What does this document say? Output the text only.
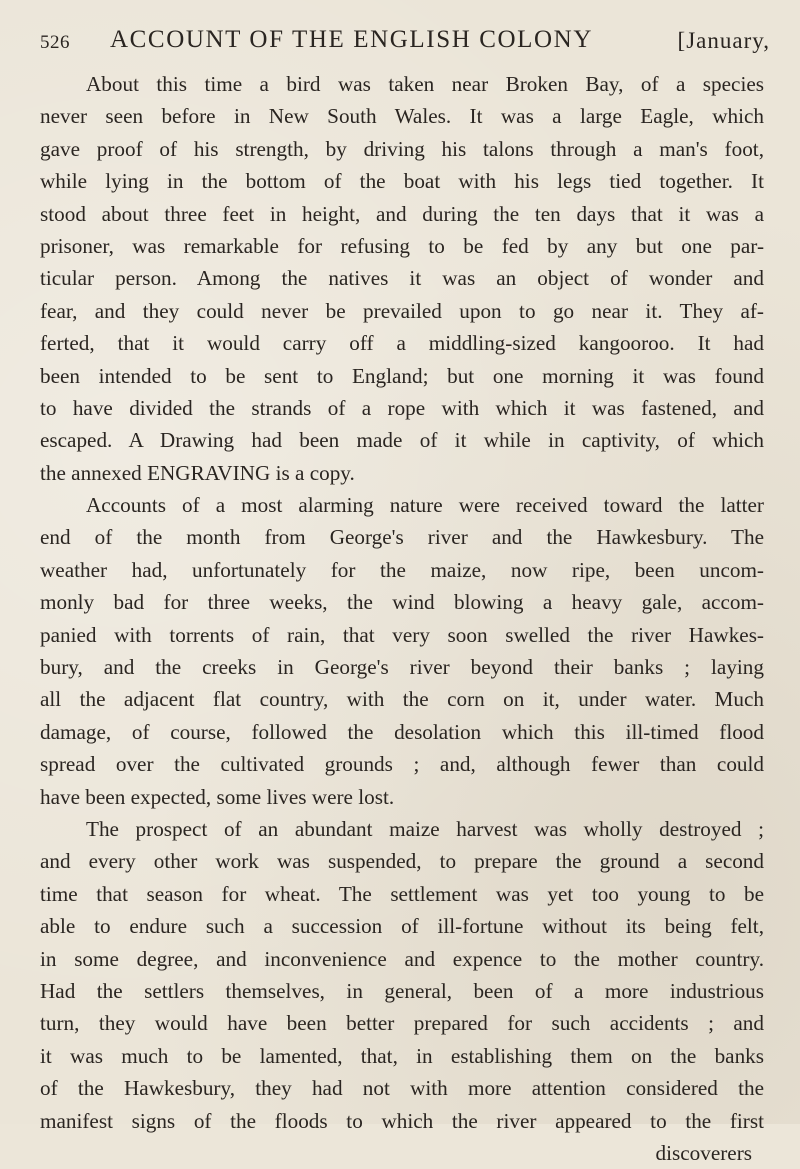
526 ACCOUNT OF THE ENGLISH COLONY	[January,
About this time a bird was taken near Broken Bay, of a species
never seen before in New South Wales. It was a large Eagle, which
gave proof of his strength, by driving his talons through a man's foot,
while lying in the bottom of the boat with his legs tied together. It
stood about three feet in height, and during the ten days that it was a
prisoner, was remarkable for refusing to be fed by any but one par-
ticular person. Among the natives it was an object of wonder and
fear, and they could never be prevailed upon to go near it. They af-
ferted, that it would carry off a middling-sized kangooroo. It had
been intended to be sent to England; but one morning it was found
to have divided the strands of a rope with which it was fastened, and
escaped. A Drawing had been made of it while in captivity, of which
the annexed ENGRAVING is a copy.
Accounts of a most alarming nature were received toward the latter
end of the month from George's river and the Hawkesbury. The
weather had, unfortunately for the maize, now ripe, been uncom-
monly bad for three weeks, the wind blowing a heavy gale, accom-
panied with torrents of rain, that very soon swelled the river Hawkes-
bury, and the creeks in George's river beyond their banks ; laying
all the adjacent flat country, with the corn on it, under water. Much
damage, of course, followed the desolation which this ill-timed flood
spread over the cultivated grounds ; and, although fewer than could
have been expected, some lives were lost.
The prospect of an abundant maize harvest was wholly destroyed ;
and every other work was suspended, to prepare the ground a second
time that season for wheat. The settlement was yet too young to be
able to endure such a succession of ill-fortune without its being felt,
in some degree, and inconvenience and expence to the mother country.
Had the settlers themselves, in general, been of a more industrious
turn, they would have been better prepared for such accidents ; and
it was much to be lamented, that, in establishing them on the banks
of the Hawkesbury, they had not with more attention considered the
manifest signs of the floods to which the river appeared to the first
discoverers
